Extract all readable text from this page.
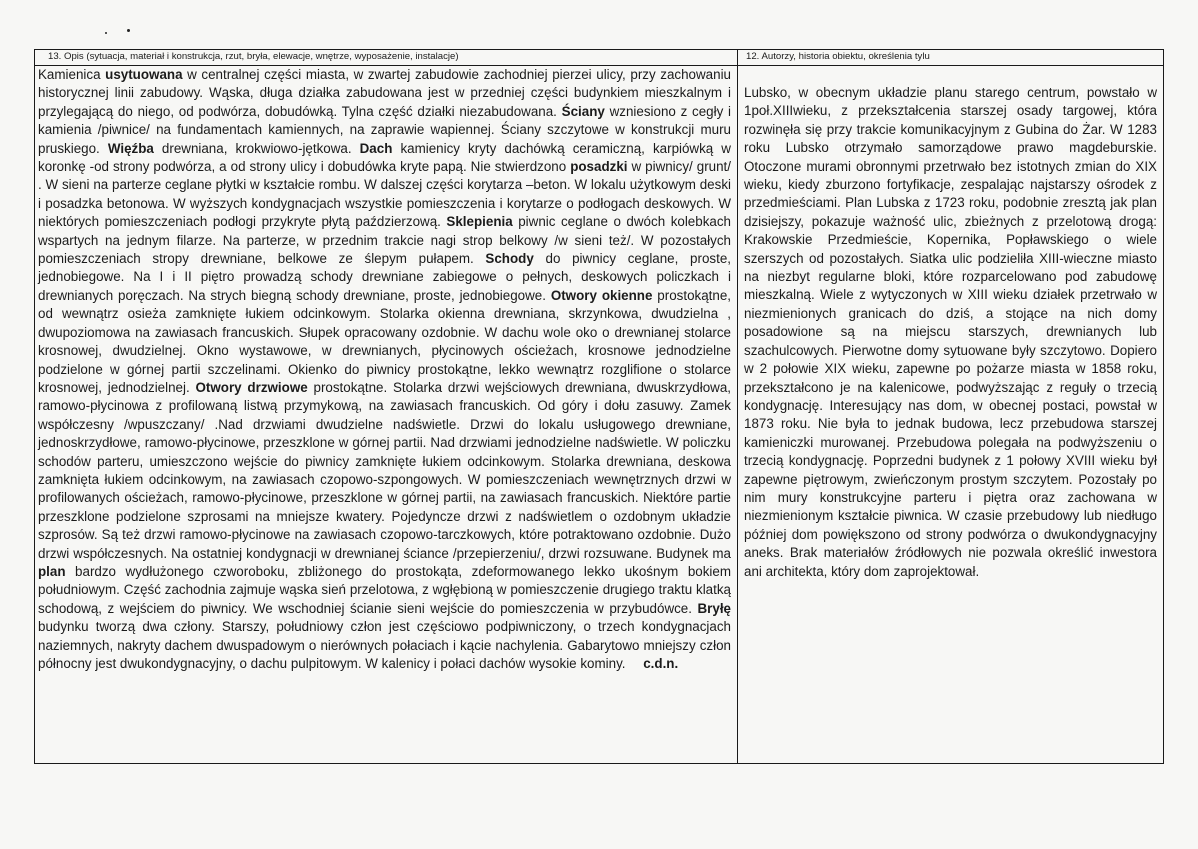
13. Opis (sytuacja, materiał i konstrukcja, rzut, bryła, elewacje, wnętrze, wyposażenie, instalacje)
Kamienica usytuowana w centralnej części miasta, w zwartej zabudowie zachodniej pierzei ulicy, przy zachowaniu historycznej linii zabudowy. Wąska, długa działka zabudowana jest w przedniej części budynkiem mieszkalnym i przylegającą do niego, od podwórza, dobudówką. Tylna część działki niezabudowana. Ściany wzniesiono z cegły i kamienia /piwnice/ na fundamentach kamiennych, na zaprawie wapiennej. Ściany szczytowe w konstrukcji muru pruskiego. Więźba drewniana, krokwiowo-jętkowa. Dach kamienicy kryty dachówką ceramiczną, karpiówką w koronkę -od strony podwórza, a od strony ulicy i dobudówka kryte papą. Nie stwierdzono posadzki w piwnicy/ grunt/ . W sieni na parterze ceglane płytki w kształcie rombu. W dalszej części korytarza –beton. W lokalu użytkowym deski i posadzka betonowa. W wyższych kondygnacjach wszystkie pomieszczenia i korytarze o podłogach deskowych. W niektórych pomieszczeniach podłogi przykryte płytą paździerzową. Sklepienia piwnic ceglane o dwóch kolebkach wspartych na jednym filarze. Na parterze, w przednim trakcie nagi strop belkowy /w sieni też/. W pozostałych pomieszczeniach stropy drewniane, belkowe ze ślepym pułapem. Schody do piwnicy ceglane, proste, jednobiegowe. Na I i II piętro prowadzą schody drewniane zabiegowe o pełnych, deskowych policzkach i drewnianych poręczach. Na strych biegną schody drewniane, proste, jednobiegowe. Otwory okienne prostokątne, od wewnątrz osieża zamknięte łukiem odcinkowym. Stolarka okienna drewniana, skrzynkowa, dwudzielna , dwupoziomowa na zawiasach francuskich. Słupek opracowany ozdobnie. W dachu wole oko o drewnianej stolarce krosnowej, dwudzielnej. Okno wystawowe, w drewnianych, płycinowych ościeżach, krosnowe jednodzielne podzielone w górnej partii szczelinami. Okienko do piwnicy prostokątne, lekko wewnątrz rozglifione o stolarce krosnowej, jednodzielnej. Otwory drzwiowe prostokątne. Stolarka drzwi wejściowych drewniana, dwuskrzydłowa, ramowo-płycinowa z profilowaną listwą przymykową, na zawiasach francuskich. Od góry i dołu zasuwy. Zamek współczesny /wpuszczany/ .Nad drzwiami dwudzielne nadświetle. Drzwi do lokalu usługowego drewniane, jednoskrzydłowe, ramowo-płycinowe, przeszklone w górnej partii. Nad drzwiami jednodzielne nadświetle. W policzku schodów parteru, umieszczono wejście do piwnicy zamknięte łukiem odcinkowym. Stolarka drewniana, deskowa zamknięta łukiem odcinkowym, na zawiasach czopowo-szpongowych. W pomieszczeniach wewnętrznych drzwi w profilowanych ościeżach, ramowo-płycinowe, przeszklone w górnej partii, na zawiasach francuskich. Niektóre partie przeszklone podzielone szprosami na mniejsze kwatery. Pojedyncze drzwi z nadświetlem o ozdobnym układzie szprosów. Są też drzwi ramowo-płycinowe na zawiasach czopowo-tarczkowych, które potraktowano ozdobnie. Dużo drzwi współczesnych. Na ostatniej kondygnacji w drewnianej ściance /przepierzeniu/, drzwi rozsuwane. Budynek ma plan bardzo wydłużonego czworoboku, zbliżonego do prostokąta, zdeformowanego lekko ukośnym bokiem południowym. Część zachodnia zajmuje wąska sień przelotowa, z wgłębioną w pomieszczenie drugiego traktu klatką schodową, z wejściem do piwnicy. We wschodniej ścianie sieni wejście do pomieszczenia w przybudówce. Bryłę budynku tworzą dwa człony. Starszy, południowy człon jest częściowo podpiwniczony, o trzech kondygnacjach naziemnych, nakryty dachem dwuspadowym o nierównych połaciach i kącie nachylenia. Gabarytowo mniejszy człon północny jest dwukondygnacyjny, o dachu pulpitowym. W kalenicy i połaci dachów wysokie kominy. c.d.n.
12. Autorzy, historia obiektu, określenia tylu
Lubsko, w obecnym układzie planu starego centrum, powstało w 1poł.XIIIwieku, z przekształcenia starszej osady targowej, która rozwinęła się przy trakcie komunikacyjnym z Gubina do Żar. W 1283 roku Lubsko otrzymało samorządowe prawo magdeburskie. Otoczone murami obronnymi przetrwało bez istotnych zmian do XIX wieku, kiedy zburzono fortyfikacje, zespalając najstarszy ośrodek z przedmieściami. Plan Lubska z 1723 roku, podobnie zresztą jak plan dzisiejszy, pokazuje ważność ulic, zbieżnych z przelotową drogą: Krakowskie Przedmieście, Kopernika, Popławskiego o wiele szerszych od pozostałych. Siatka ulic podzieliła XIII-wieczne miasto na niezbyt regularne bloki, które rozparcelowano pod zabudowę mieszkalną. Wiele z wytyczonych w XIII wieku działek przetrwało w niezmienionych granicach do dziś, a stojące na nich domy posadowione są na miejscu starszych, drewnianych lub szachulcowych. Pierwotne domy sytuowane były szczytowo. Dopiero w 2 połowie XIX wieku, zapewne po pożarze miasta w 1858 roku, przekształcono je na kalenicowe, podwyższając z reguły o trzecią kondygnację. Interesujący nas dom, w obecnej postaci, powstał w 1873 roku. Nie była to jednak budowa, lecz przebudowa starszej kamieniczki murowanej. Przebudowa polegała na podwyższeniu o trzecią kondygnację. Poprzedni budynek z 1 połowy XVIII wieku był zapewne piętrowym, zwieńczonym prostym szczytem. Pozostały po nim mury konstrukcyjne parteru i piętra oraz zachowana w niezmienionym kształcie piwnica. W czasie przebudowy lub niedługo później dom powiększono od strony podwórza o dwukondygnacyjny aneks. Brak materiałów źródłowych nie pozwala określić inwestora ani architekta, który dom zaprojektował.
